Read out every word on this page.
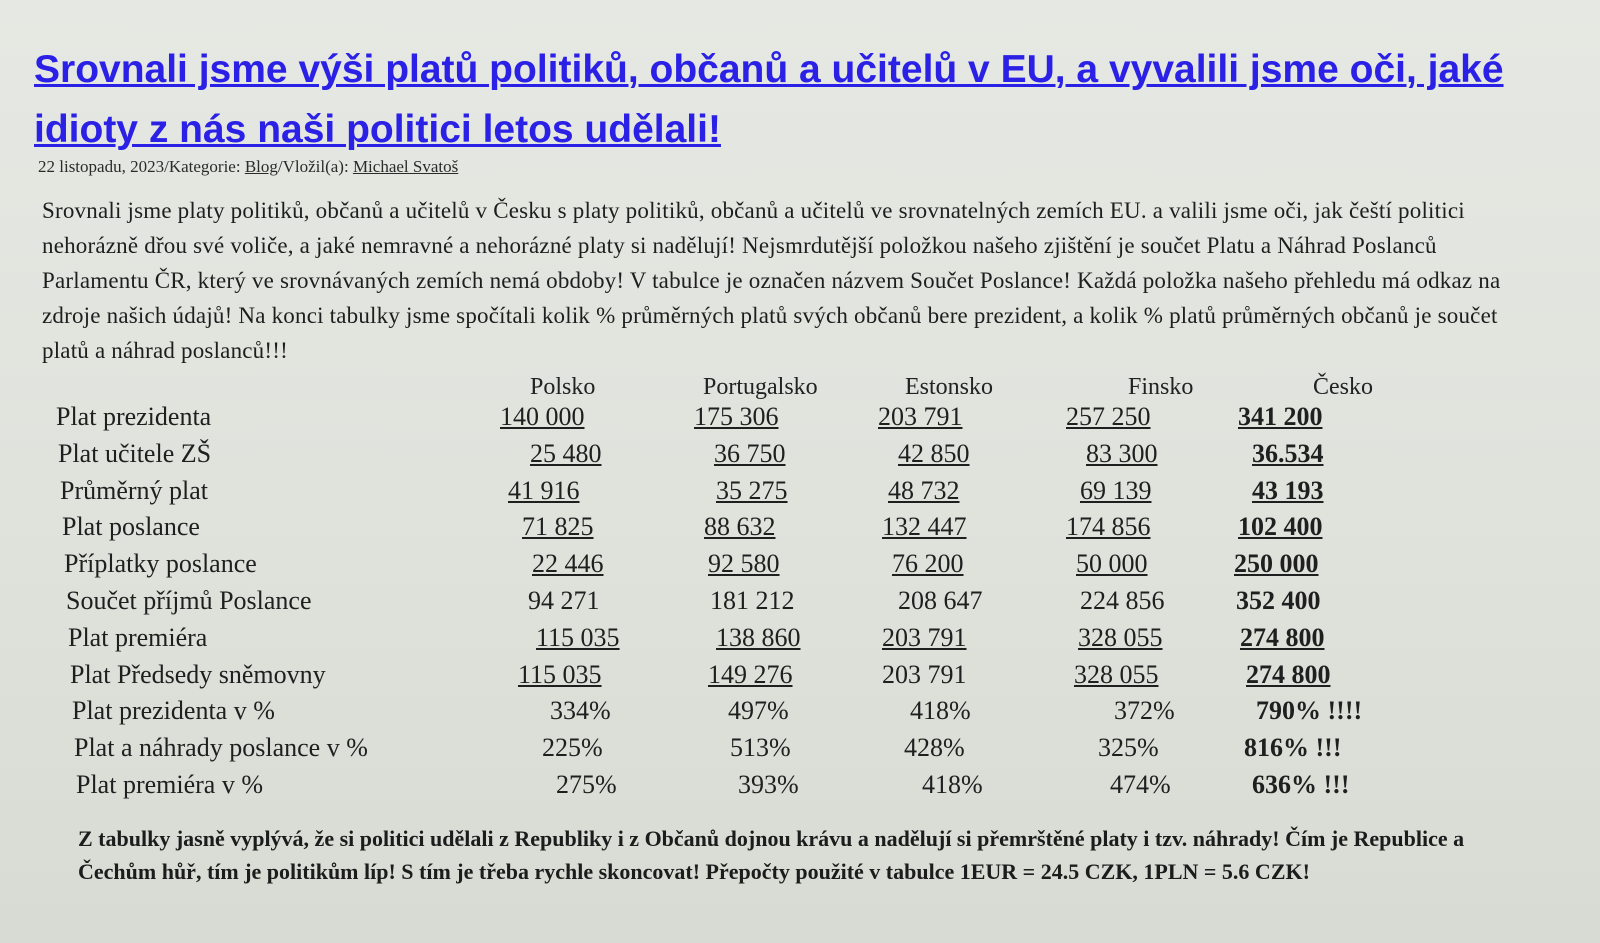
Srovnali jsme výši platů politiků, občanů a učitelů v EU, a vyvalili jsme oči, jaké idioty z nás naši politici letos udělali!
22 listopadu, 2023/Kategorie: Blog/Vložil(a): Michael Svatoš

Srovnali jsme platy politiků, občanů a učitelů v Česku s platy politiků, občanů a učitelů ve srovnatelných zemích EU. a valili jsme oči, jak čeští politici nehorázně dřou své voliče, a jaké nemravné a nehorázné platy si nadělují! Nejsmrdutější položkou našeho zjištění je součet Platu a Náhrad Poslanců Parlamentu ČR, který ve srovnávaných zemích nemá obdoby! V tabulce je označen názvem Součet Poslance! Každá položka našeho přehledu má odkaz na zdroje našich údajů! Na konci tabulky jsme spočítali kolik % průměrných platů svých občanů bere prezident, a kolik % platů průměrných občanů je součet platů a náhrad poslanců!!!

Polsko	Portugalsko	Estonsko	Finsko	Česko
Plat prezidenta	140 000	175 306	203 791	257 250	341 200
Plat učitele ZŠ	25 480	36 750	42 850	83 300	36.534
Průměrný plat	41 916	35 275	48 732	69 139	43 193
Plat poslance	71 825	88 632	132 447	174 856	102 400
Příplatky poslance	22 446	92 580	76 200	50 000	250 000
Součet příjmů Poslance	94 271	181 212	208 647	224 856	352 400
Plat premiéra	115 035	138 860	203 791	328 055	274 800
Plat Předsedy sněmovny	115 035	149 276	203 791	328 055	274 800
Plat prezidenta v %	334%	497%	418%	372%	790% !!!!
Plat a náhrady poslance v %	225%	513%	428%	325%	816% !!!
Plat premiéra v %	275%	393%	418%	474%	636% !!!

Z tabulky jasně vyplývá, že si politici udělali z Republiky i z Občanů dojnou krávu a nadělují si přemrštěné platy i tzv. náhrady! Čím je Republice a Čechům hůř, tím je politikům líp! S tím je třeba rychle skoncovat! Přepočty použité v tabulce 1EUR = 24.5 CZK, 1PLN = 5.6 CZK!
